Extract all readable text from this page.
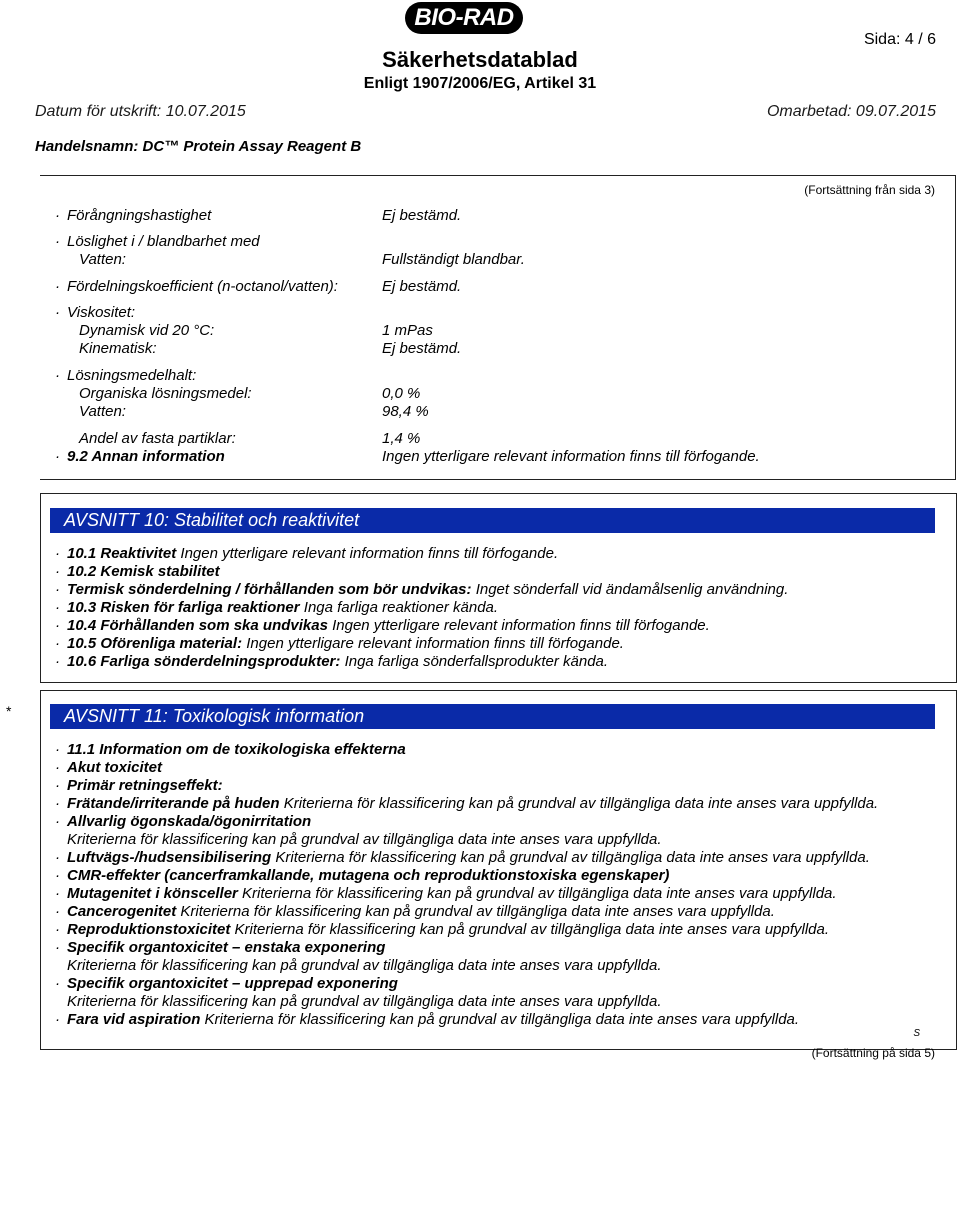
BIO-RAD
Sida: 4 / 6
Säkerhetsdatablad
Enligt 1907/2006/EG, Artikel 31
Datum för utskrift: 10.07.2015	Omarbetad: 09.07.2015
Handelsnamn: DC™ Protein Assay Reagent B
(Fortsättning från sida 3)
· Förångningshastighet	Ej bestämd.
· Löslighet i / blandbarhet med
Vatten:	Fullständigt blandbar.
· Fördelningskoefficient (n-octanol/vatten):	Ej bestämd.
· Viskositet:
Dynamisk vid 20 °C:	1 mPas
Kinematisk:	Ej bestämd.
· Lösningsmedelhalt:
Organiska lösningsmedel:	0,0 %
Vatten:	98,4 %
Andel av fasta partiklar:	1,4 %
· 9.2 Annan information	Ingen ytterligare relevant information finns till förfogande.
AVSNITT 10: Stabilitet och reaktivitet
· 10.1 Reaktivitet Ingen ytterligare relevant information finns till förfogande.
· 10.2 Kemisk stabilitet
· Termisk sönderdelning / förhållanden som bör undvikas: Inget sönderfall vid ändamålsenlig användning.
· 10.3 Risken för farliga reaktioner Inga farliga reaktioner kända.
· 10.4 Förhållanden som ska undvikas Ingen ytterligare relevant information finns till förfogande.
· 10.5 Oförenliga material: Ingen ytterligare relevant information finns till förfogande.
· 10.6 Farliga sönderdelningsprodukter: Inga farliga sönderfallsprodukter kända.
*	AVSNITT 11: Toxikologisk information
· 11.1 Information om de toxikologiska effekterna
· Akut toxicitet
· Primär retningseffekt:
· Frätande/irriterande på huden Kriterierna för klassificering kan på grundval av tillgängliga data inte anses vara uppfyllda.
· Allvarlig ögonskada/ögonirritation
Kriterierna för klassificering kan på grundval av tillgängliga data inte anses vara uppfyllda.
· Luftvägs-/hudsensibilisering Kriterierna för klassificering kan på grundval av tillgängliga data inte anses vara uppfyllda.
· CMR-effekter (cancerframkallande, mutagena och reproduktionstoxiska egenskaper)
· Mutagenitet i könsceller Kriterierna för klassificering kan på grundval av tillgängliga data inte anses vara uppfyllda.
· Cancerogenitet Kriterierna för klassificering kan på grundval av tillgängliga data inte anses vara uppfyllda.
· Reproduktionstoxicitet Kriterierna för klassificering kan på grundval av tillgängliga data inte anses vara uppfyllda.
· Specifik organtoxicitet – enstaka exponering
Kriterierna för klassificering kan på grundval av tillgängliga data inte anses vara uppfyllda.
· Specifik organtoxicitet – upprepad exponering
Kriterierna för klassificering kan på grundval av tillgängliga data inte anses vara uppfyllda.
· Fara vid aspiration Kriterierna för klassificering kan på grundval av tillgängliga data inte anses vara uppfyllda.
S
(Fortsättning på sida 5)
